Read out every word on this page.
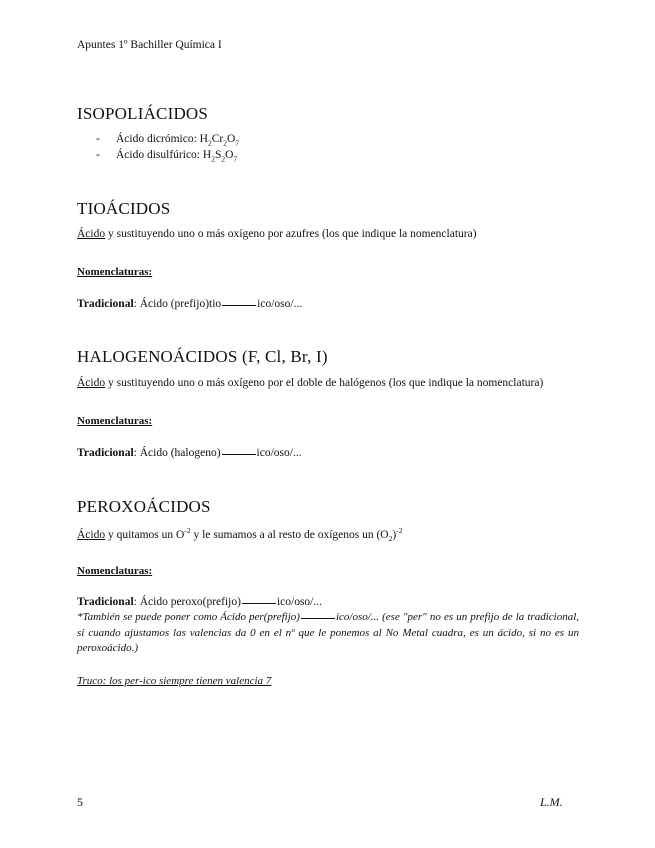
Apuntes 1º Bachiller Química I
ISOPOLIÁCIDOS
- Ácido dicrómico: $H_2Cr_2O_7$
- Ácido disulfúrico: $H_2S_2O_7$
TIOÁCIDOS
Ácido y sustituyendo uno o más oxígeno por azufres (los que indique la nomenclatura)
Nomenclaturas:
Tradicional: Ácido (prefijo)tio	ico/oso/...
HALOGENOÁCIDOS (F, Cl, Br, I)
Ácido y sustituyendo uno o más oxígeno por el doble de halógenos (los que indique la nomenclatura)
Nomenclaturas:
Tradicional: Ácido (halogeno)	ico/oso/...
PEROXOÁCIDOS
Ácido y quitamos un $O^{-2}$ y le sumamos a al resto de oxígenos un $(O_2)^{-2}$
Nomenclaturas:
Tradicional: Ácido peroxo(prefijo)	ico/oso/...
*También se puede poner como Ácido per(prefijo)	ico/oso/... (ese "per" no es un prefijo de la tradicional, si cuando ajustamos las valencias da 0 en el nº que le ponemos al No Metal cuadra, es un ácido, si no es un peroxoácido.)
Truco: los per-ico siempre tienen valencia 7
5	L.M.
